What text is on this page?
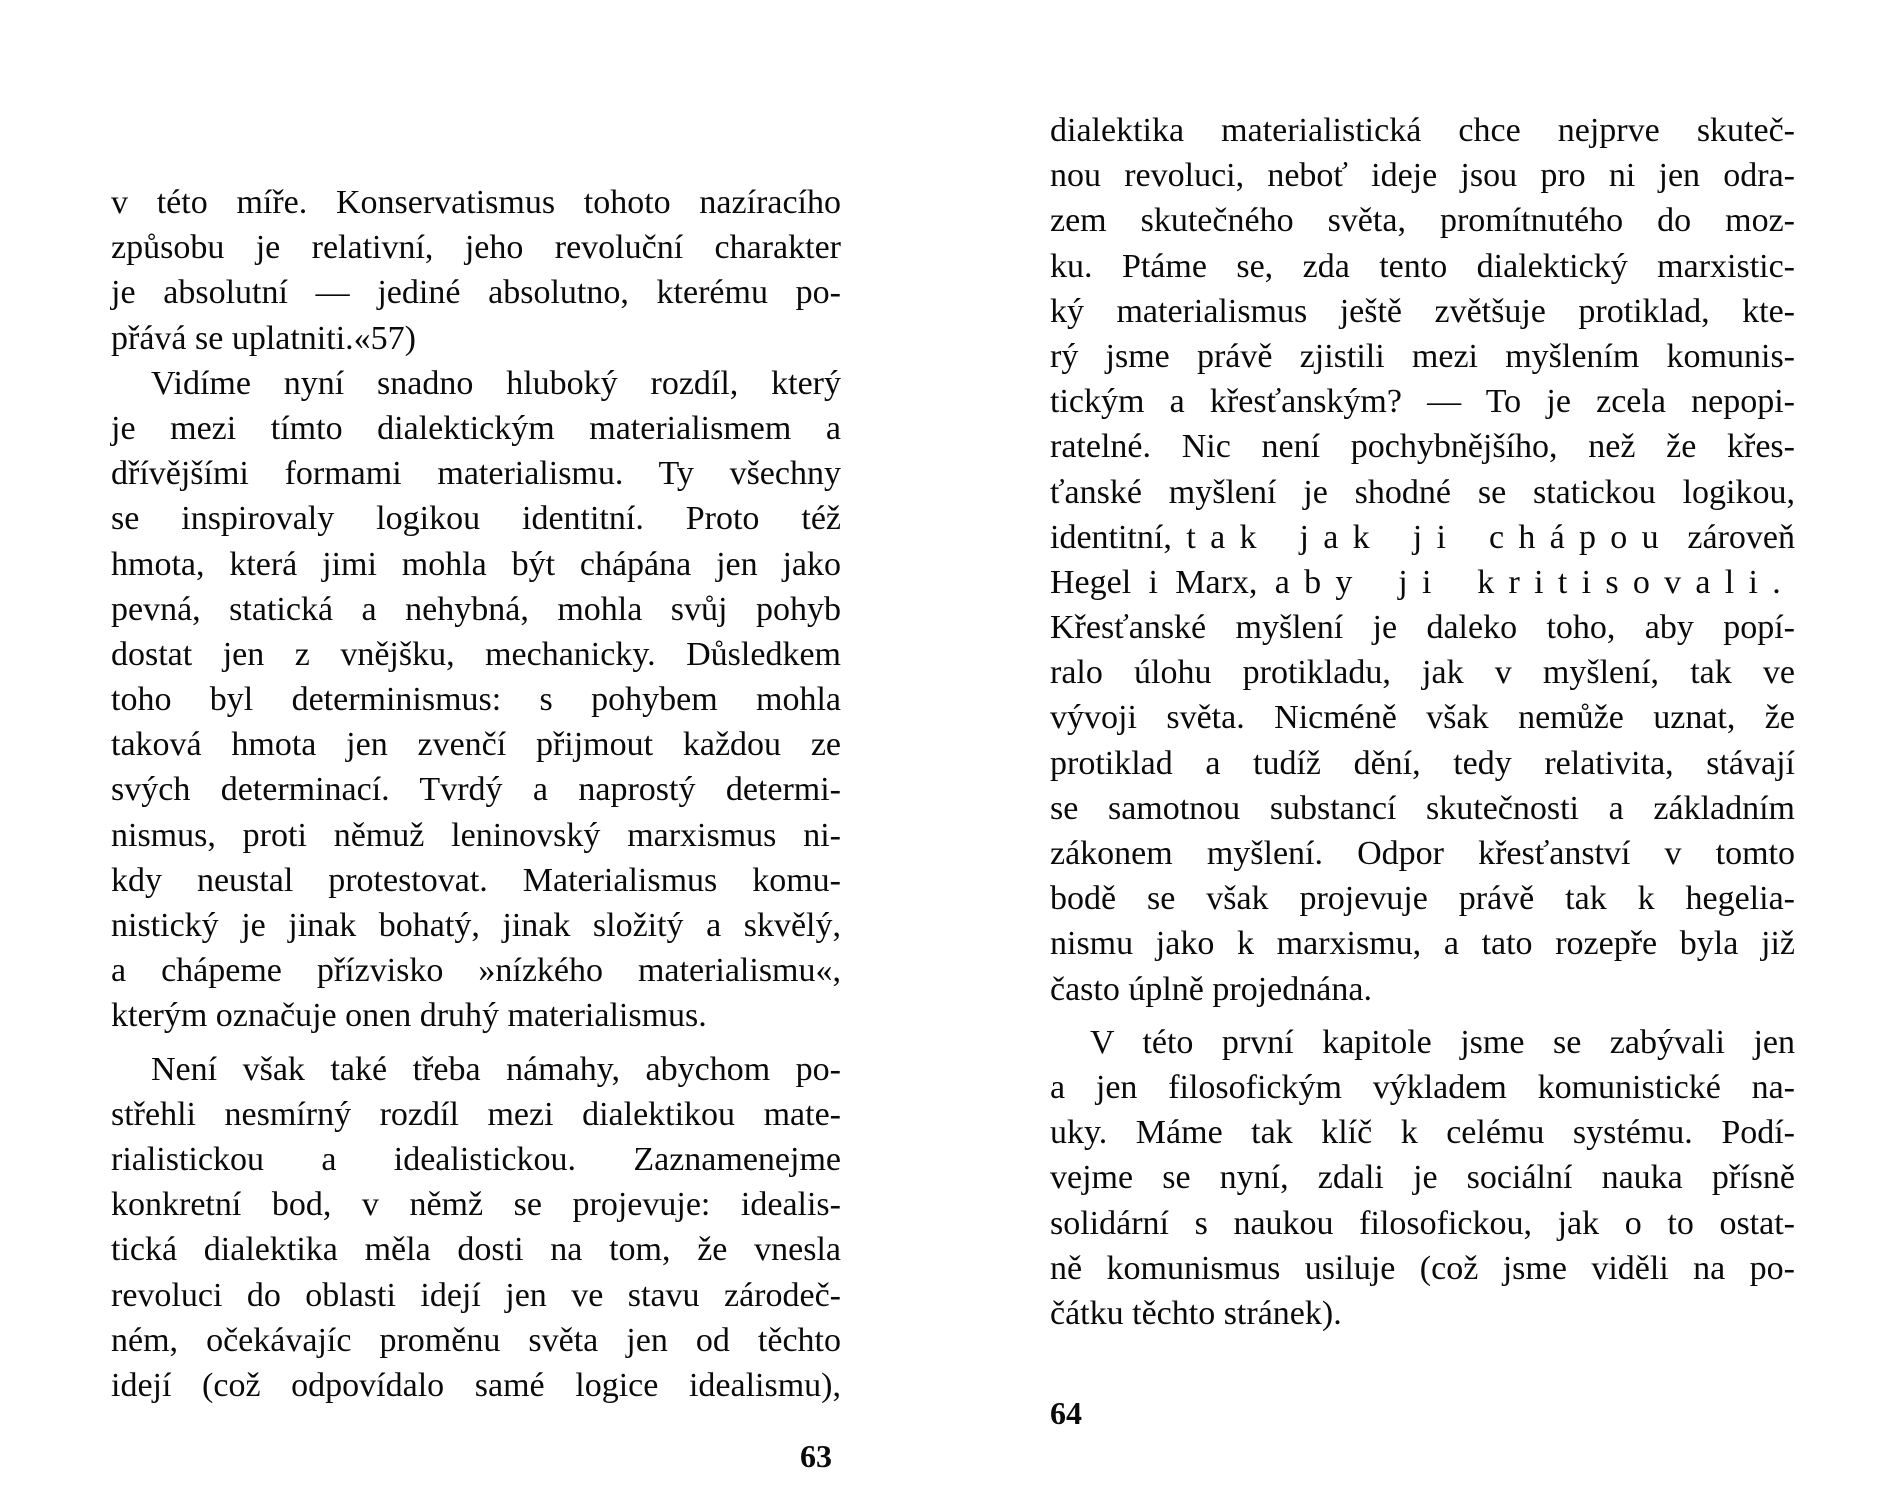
v této míře. Konservatismus tohoto nazíracího
způsobu je relativní, jeho revoluční charakter
je absolutní — jediné absolutno, kterému po-
přává se uplatniti.«57)
Vidíme nyní snadno hluboký rozdíl, který
je mezi tímto dialektickým materialismem a
dřívějšími formami materialismu. Ty všechny
se inspirovaly logikou identitní. Proto též
hmota, která jimi mohla být chápána jen jako
pevná, statická a nehybná, mohla svůj pohyb
dostat jen z vnějšku, mechanicky. Důsledkem
toho byl determinismus: s pohybem mohla
taková hmota jen zvenčí přijmout každou ze
svých determinací. Tvrdý a naprostý determi-
nismus, proti němuž leninovský marxismus ni-
kdy neustal protestovat. Materialismus komu-
nistický je jinak bohatý, jinak složitý a skvělý,
a chápeme přízvisko »nízkého materialismu«,
kterým označuje onen druhý materialismus.
Není však také třeba námahy, abychom po-
střehli nesmírný rozdíl mezi dialektikou mate-
rialistickou a idealistickou. Zaznamenejme
konkretní bod, v němž se projevuje: idealis-
tická dialektika měla dosti na tom, že vnesla
revoluci do oblasti idejí jen ve stavu zárodeč-
ném, očekávajíc proměnu světa jen od těchto
idejí (což odpovídalo samé logice idealismu),
63
dialektika materialistická chce nejprve skuteč-
nou revoluci, neboť ideje jsou pro ni jen odra-
zem skutečného světa, promítnutého do moz-
ku. Ptáme se, zda tento dialektický marxistic-
ký materialismus ještě zvětšuje protiklad, kte-
rý jsme právě zjistili mezi myšlením komunis-
tickým a křesťanským? — To je zcela nepopi-
ratelné. Nic není pochybnějšího, než že křes-
ťanské myšlení je shodné se statickou logikou,
identitní, tak jak ji chápou zároveň
Hegel i Marx, aby ji kritisovali.
Křesťanské myšlení je daleko toho, aby popí-
ralo úlohu protikladu, jak v myšlení, tak ve
vývoji světa. Nicméně však nemůže uznat, že
protiklad a tudíž dění, tedy relativita, stávají
se samotnou substancí skutečnosti a základním
zákonem myšlení. Odpor křesťanství v tomto
bodě se však projevuje právě tak k hegelia-
nismu jako k marxismu, a tato rozepře byla již
často úplně projednána.
V této první kapitole jsme se zabývali jen
a jen filosofickým výkladem komunistické na-
uky. Máme tak klíč k celému systému. Podí-
vejme se nyní, zdali je sociální nauka přísně
solidární s naukou filosofickou, jak o to ostat-
ně komunismus usiluje (což jsme viděli na po-
čátku těchto stránek).
64
